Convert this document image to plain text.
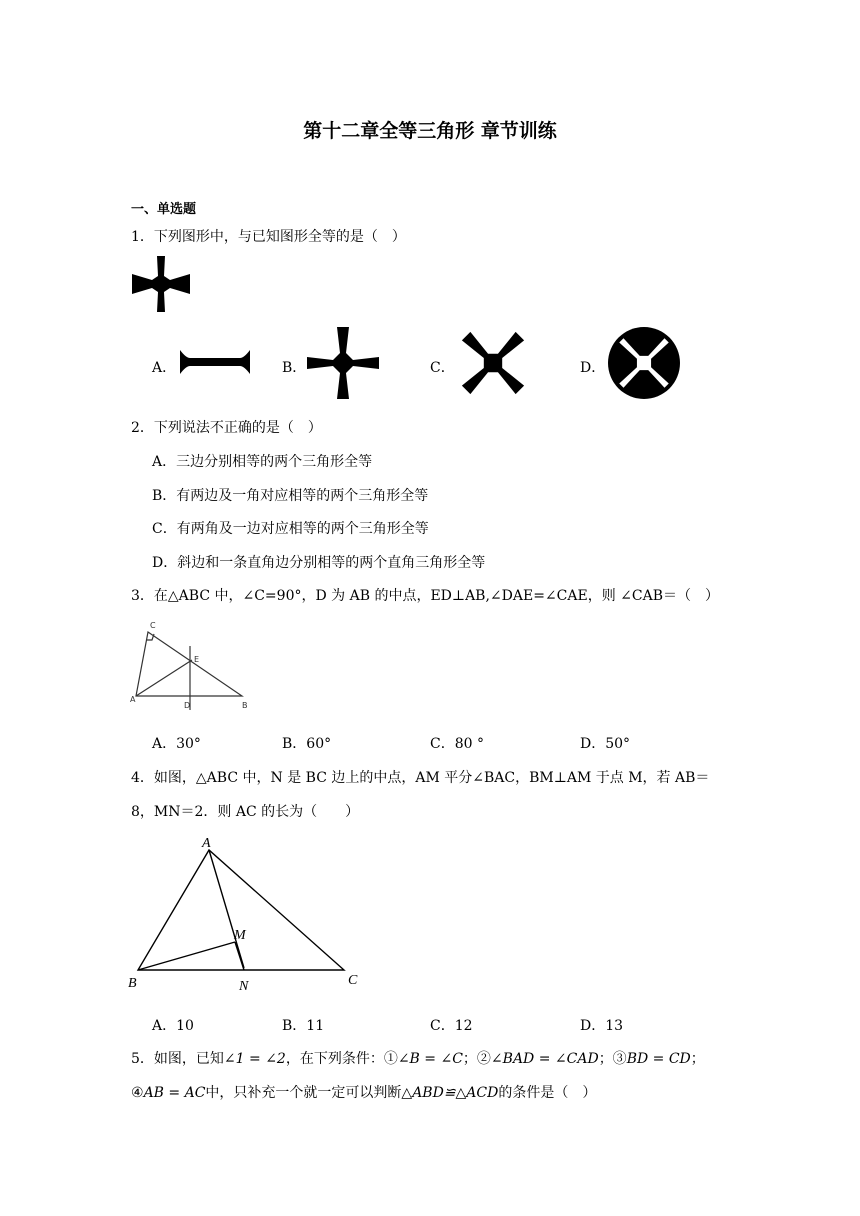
第十二章全等三角形 章节训练
一、单选题
1．下列图形中，与已知图形全等的是（　）
A．	B．	C．	D．
2．下列说法不正确的是（　）
A．三边分别相等的两个三角形全等
B．有两边及一角对应相等的两个三角形全等
C．有两角及一边对应相等的两个三角形全等
D．斜边和一条直角边分别相等的两个直角三角形全等
3．在△ABC 中，∠C=90°，D 为 AB 的中点，ED⊥AB,∠DAE=∠CAE，则 ∠CAB＝（　）
C
E
A
D	B
A．30°	B．60°	C．80 °	D．50°
4．如图，△ABC 中，N 是 BC 边上的中点，AM 平分∠BAC，BM⊥AM 于点 M，若 AB＝
8，MN＝2．则 AC 的长为（　　）
A
M
B	N	C
A．10	B．11	C．12	D．13
5．如图，已知∠1 = ∠2，在下列条件：①∠B = ∠C；②∠BAD = ∠CAD；③BD = CD；
④AB = AC中，只补充一个就一定可以判断△ABD≌△ACD的条件是（　）
